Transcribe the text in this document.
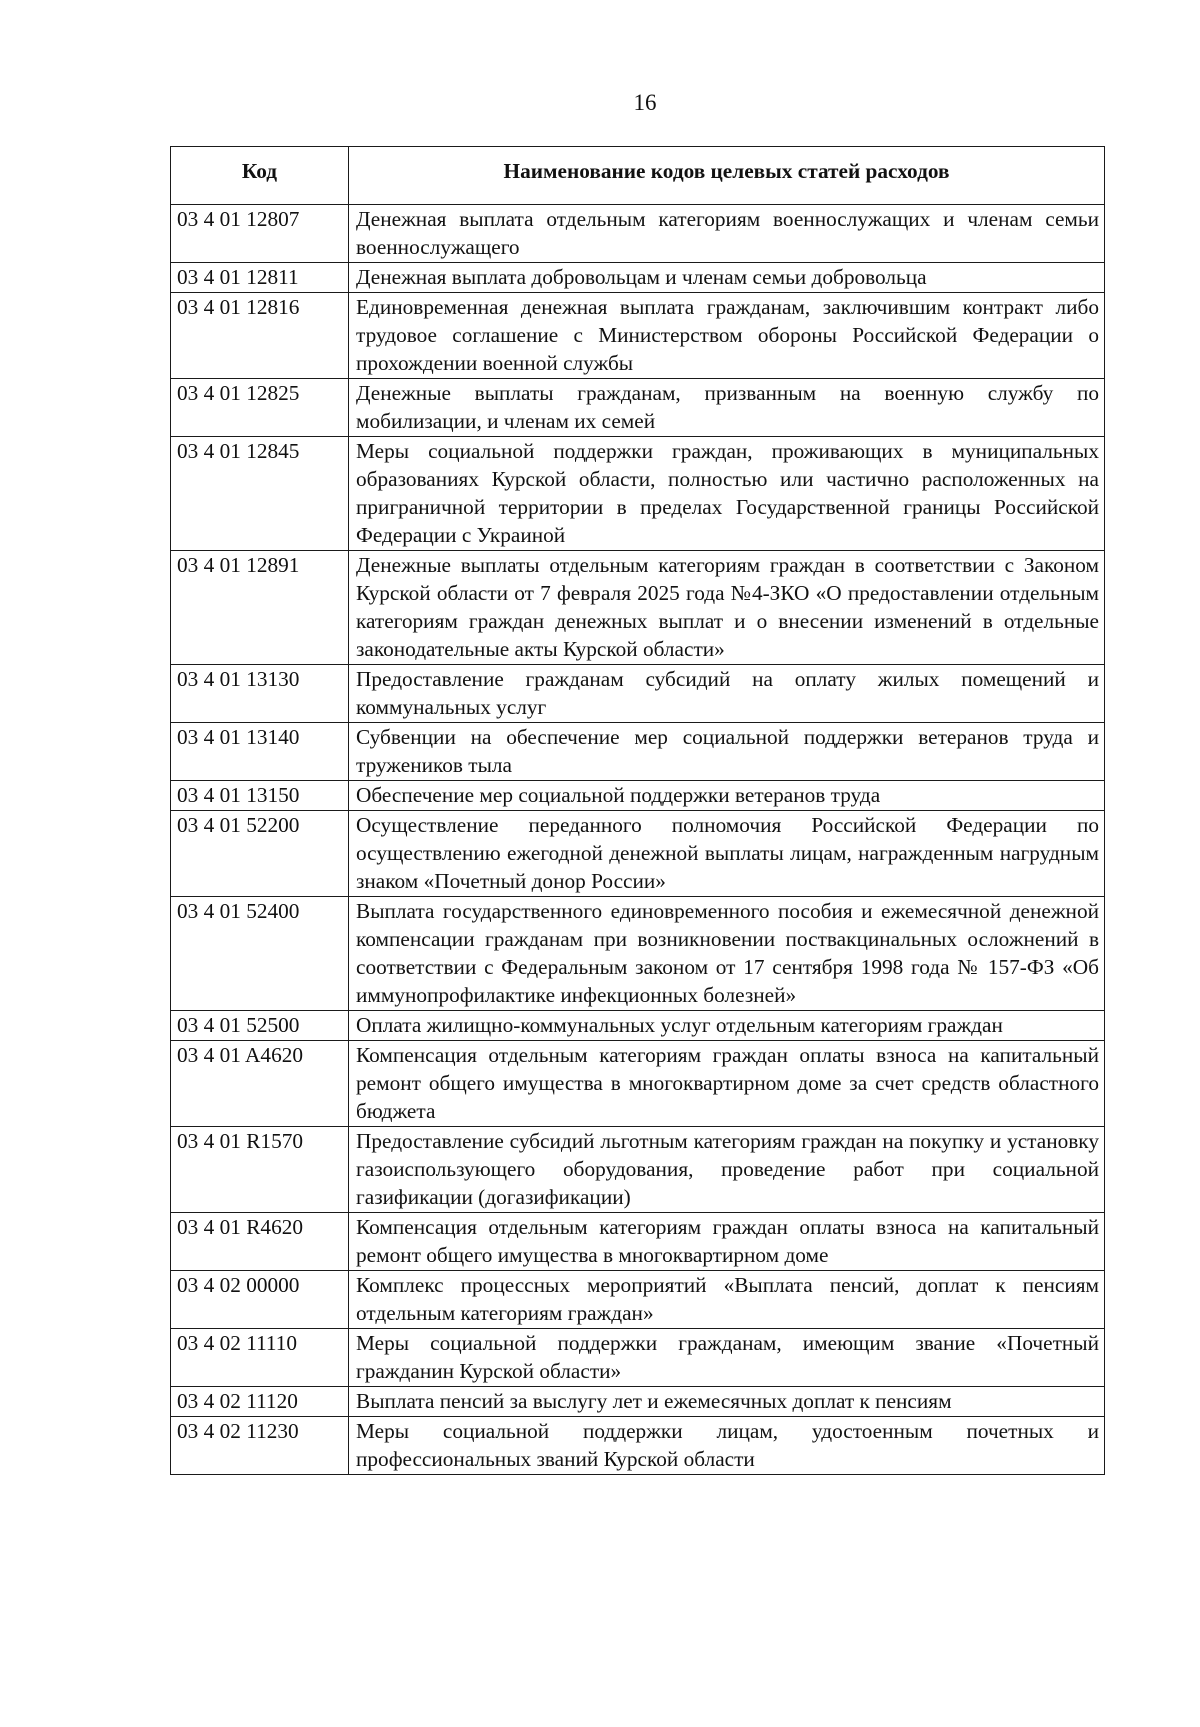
16
Код	Наименование кодов целевых статей расходов
03 4 01 12807	Денежная выплата отдельным категориям военнослужащих и членам семьи военнослужащего
03 4 01 12811	Денежная выплата добровольцам и членам семьи добровольца
03 4 01 12816	Единовременная денежная выплата гражданам, заключившим контракт либо трудовое соглашение с Министерством обороны Российской Федерации о прохождении военной службы
03 4 01 12825	Денежные выплаты гражданам, призванным на военную службу по мобилизации, и членам их семей
03 4 01 12845	Меры социальной поддержки граждан, проживающих в муниципальных образованиях Курской области, полностью или частично расположенных на приграничной территории в пределах Государственной границы Российской Федерации с Украиной
03 4 01 12891	Денежные выплаты отдельным категориям граждан в соответствии с Законом Курской области от 7 февраля 2025 года №4-ЗКО «О предоставлении отдельным категориям граждан денежных выплат и о внесении изменений в отдельные законодательные акты Курской области»
03 4 01 13130	Предоставление гражданам субсидий на оплату жилых помещений и коммунальных услуг
03 4 01 13140	Субвенции на обеспечение мер социальной поддержки ветеранов труда и тружеников тыла
03 4 01 13150	Обеспечение мер социальной поддержки ветеранов труда
03 4 01 52200	Осуществление переданного полномочия Российской Федерации по осуществлению ежегодной денежной выплаты лицам, награжденным нагрудным знаком «Почетный донор России»
03 4 01 52400	Выплата государственного единовременного пособия и ежемесячной денежной компенсации гражданам при возникновении поствакцинальных осложнений в соответствии с Федеральным законом от 17 сентября 1998 года № 157-ФЗ «Об иммунопрофилактике инфекционных болезней»
03 4 01 52500	Оплата жилищно-коммунальных услуг отдельным категориям граждан
03 4 01 A4620	Компенсация отдельным категориям граждан оплаты взноса на капитальный ремонт общего имущества в многоквартирном доме за счет средств областного бюджета
03 4 01 R1570	Предоставление субсидий льготным категориям граждан на покупку и установку газоиспользующего оборудования, проведение работ при социальной газификации (догазификации)
03 4 01 R4620	Компенсация отдельным категориям граждан оплаты взноса на капитальный ремонт общего имущества в многоквартирном доме
03 4 02 00000	Комплекс процессных мероприятий «Выплата пенсий, доплат к пенсиям отдельным категориям граждан»
03 4 02 11110	Меры социальной поддержки гражданам, имеющим звание «Почетный гражданин Курской области»
03 4 02 11120	Выплата пенсий за выслугу лет и ежемесячных доплат к пенсиям
03 4 02 11230	Меры социальной поддержки лицам, удостоенным почетных и профессиональных званий Курской области
